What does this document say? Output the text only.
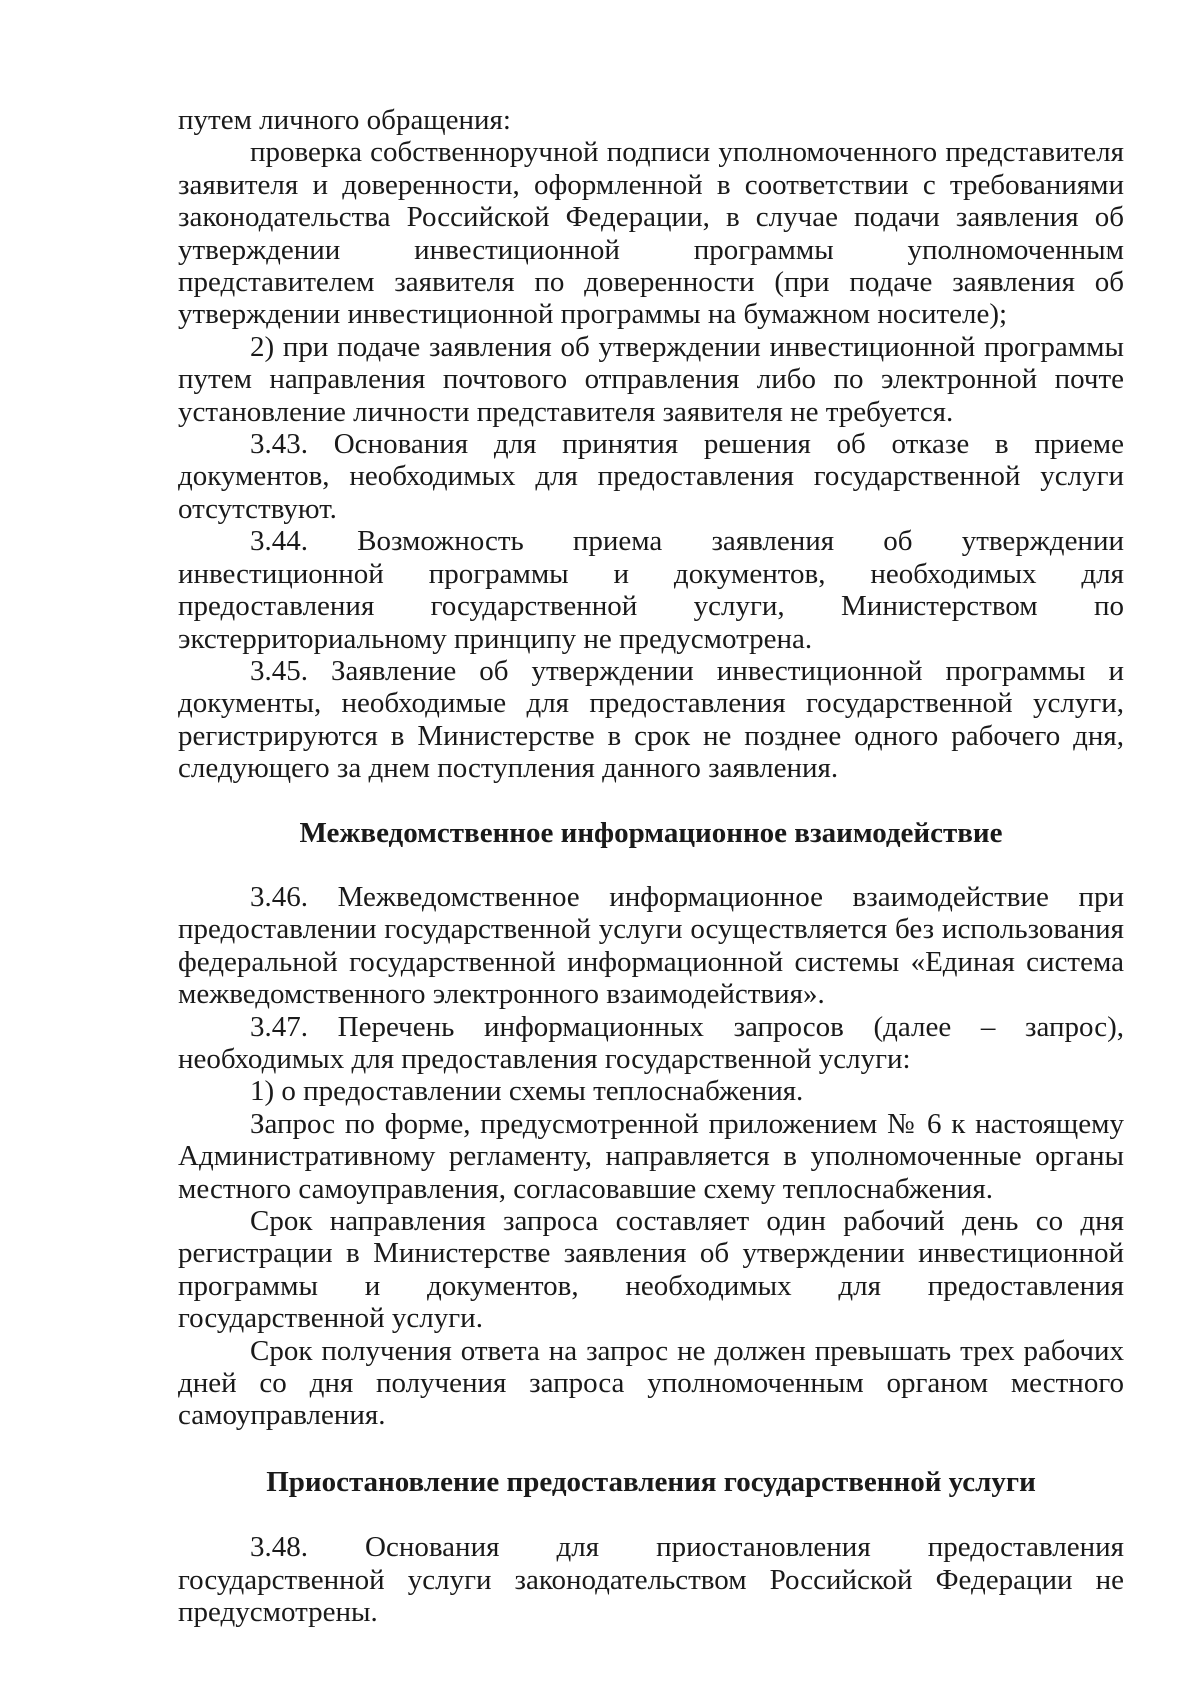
путем личного обращения:

проверка собственноручной подписи уполномоченного представителя заявителя и доверенности, оформленной в соответствии с требованиями законодательства Российской Федерации, в случае подачи заявления об утверждении инвестиционной программы уполномоченным представителем заявителя по доверенности (при подаче заявления об утверждении инвестиционной программы на бумажном носителе);

2) при подаче заявления об утверждении инвестиционной программы путем направления почтового отправления либо по электронной почте установление личности представителя заявителя не требуется.

3.43. Основания для принятия решения об отказе в приеме документов, необходимых для предоставления государственной услуги отсутствуют.

3.44. Возможность приема заявления об утверждении инвестиционной программы и документов, необходимых для предоставления государственной услуги, Министерством по экстерриториальному принципу не предусмотрена.

3.45. Заявление об утверждении инвестиционной программы и документы, необходимые для предоставления государственной услуги, регистрируются в Министерстве в срок не позднее одного рабочего дня, следующего за днем поступления данного заявления.

Межведомственное информационное взаимодействие

3.46. Межведомственное информационное взаимодействие при предоставлении государственной услуги осуществляется без использования федеральной государственной информационной системы «Единая система межведомственного электронного взаимодействия».

3.47. Перечень информационных запросов (далее – запрос), необходимых для предоставления государственной услуги:

1) о предоставлении схемы теплоснабжения.

Запрос по форме, предусмотренной приложением № 6 к настоящему Административному регламенту, направляется в уполномоченные органы местного самоуправления, согласовавшие схему теплоснабжения.

Срок направления запроса составляет один рабочий день со дня регистрации в Министерстве заявления об утверждении инвестиционной программы и документов, необходимых для предоставления государственной услуги.

Срок получения ответа на запрос не должен превышать трех рабочих дней со дня получения запроса уполномоченным органом местного самоуправления.

Приостановление предоставления государственной услуги

3.48. Основания для приостановления предоставления государственной услуги законодательством Российской Федерации не предусмотрены.
